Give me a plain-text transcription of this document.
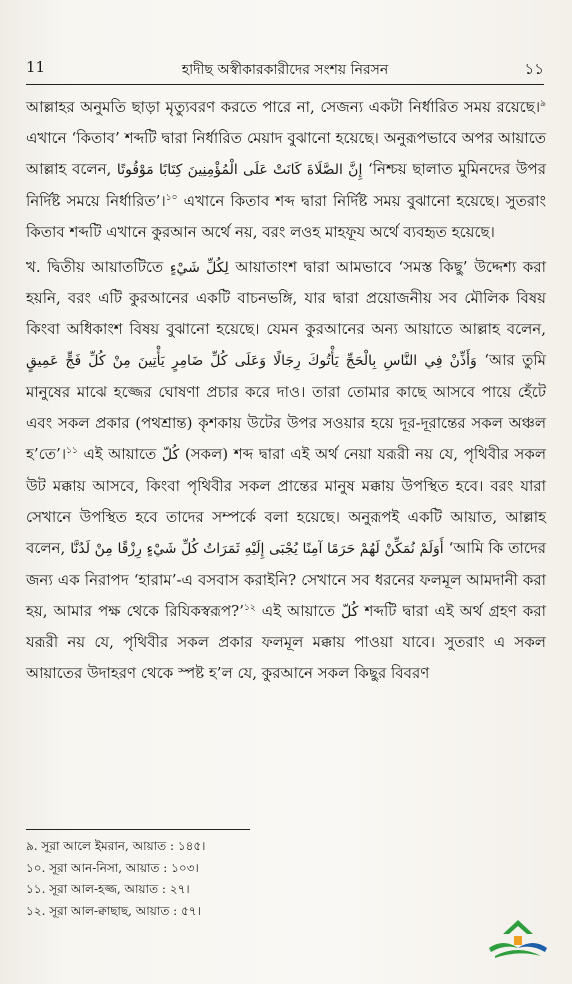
11	হাদীছ অস্বীকারকারীদের সংশয় নিরসন	১১

আল্লাহর অনুমতি ছাড়া মৃত্যুবরণ করতে পারে না, সেজন্য একটা নির্ধারিত সময় রয়েছে।$^৯$ এখানে ‘কিতাব’ শব্দটি দ্বারা নির্ধারিত মেয়াদ বুঝানো হয়েছে। অনুরূপভাবে অপর আয়াতে আল্লাহ বলেন, إِنَّ الصَّلَاةَ كَانَتْ عَلَى الْمُؤْمِنِينَ كِتَابًا مَوْقُوتًا ‘নিশ্চয় ছালাত মুমিনদের উপর নির্দিষ্ট সময়ে নির্ধারিত’।$^{১০}$ এখানে কিতাব শব্দ দ্বারা নির্দিষ্ট সময় বুঝানো হয়েছে। সুতরাং কিতাব শব্দটি এখানে কুরআন অর্থে নয়, বরং লওহ মাহফূয অর্থে ব্যবহৃত হয়েছে।

খ. দ্বিতীয় আয়াতটিতে لِكُلِّ شَيْءٍ আয়াতাংশ দ্বারা আমভাবে ‘সমস্ত কিছু’ উদ্দেশ্য করা হয়নি, বরং এটি কুরআনের একটি বাচনভঙ্গি, যার দ্বারা প্রয়োজনীয় সব মৌলিক বিষয় কিংবা অধিকাংশ বিষয় বুঝানো হয়েছে। যেমন কুরআনের অন্য আয়াতে আল্লাহ বলেন, وَأَذِّنْ فِي النَّاسِ بِالْحَجِّ يَأْتُوكَ رِجَالًا وَعَلَى كُلِّ ضَامِرٍ يَأْتِينَ مِنْ كُلِّ فَجٍّ عَمِيقٍ ‘আর তুমি মানুষের মাঝে হজ্জের ঘোষণা প্রচার করে দাও। তারা তোমার কাছে আসবে পায়ে হেঁটে এবং সকল প্রকার (পথশ্রান্ত) কৃশকায় উটের উপর সওয়ার হয়ে দূর-দূরান্তের সকল অঞ্চল হ’তে’।$^{১১}$ এই আয়াতে كُلّ (সকল) শব্দ দ্বারা এই অর্থ নেয়া যরূরী নয় যে, পৃথিবীর সকল উট মক্কায় আসবে, কিংবা পৃথিবীর সকল প্রান্তের মানুষ মক্কায় উপস্থিত হবে। বরং যারা সেখানে উপস্থিত হবে তাদের সম্পর্কে বলা হয়েছে। অনুরূপই একটি আয়াত, আল্লাহ বলেন, أَوَلَمْ نُمَكِّنْ لَهُمْ حَرَمًا آمِنًا يُجْبَى إِلَيْهِ ثَمَرَاتُ كُلِّ شَيْءٍ رِزْقًا مِنْ لَدُنَّا ‘আমি কি তাদের জন্য এক নিরাপদ ‘হারাম’-এ বসবাস করাইনি? সেখানে সব ধরনের ফলমূল আমদানী করা হয়, আমার পক্ষ থেকে রিযিকস্বরূপ?’$^{১২}$ এই আয়াতে كُلّ শব্দটি দ্বারা এই অর্থ গ্রহণ করা যরূরী নয় যে, পৃথিবীর সকল প্রকার ফলমূল মক্কায় পাওয়া যাবে। সুতরাং এ সকল আয়াতের উদাহরণ থেকে স্পষ্ট হ’ল যে, কুরআনে সকল কিছুর বিবরণ

৯. সূরা আলে ইমরান, আয়াত : ১৪৫।
১০. সূরা আন-নিসা, আয়াত : ১০৩।
১১. সূরা আল-হজ্জ, আয়াত : ২৭।
১২. সূরা আল-ক্বাছাছ, আয়াত : ৫৭।
